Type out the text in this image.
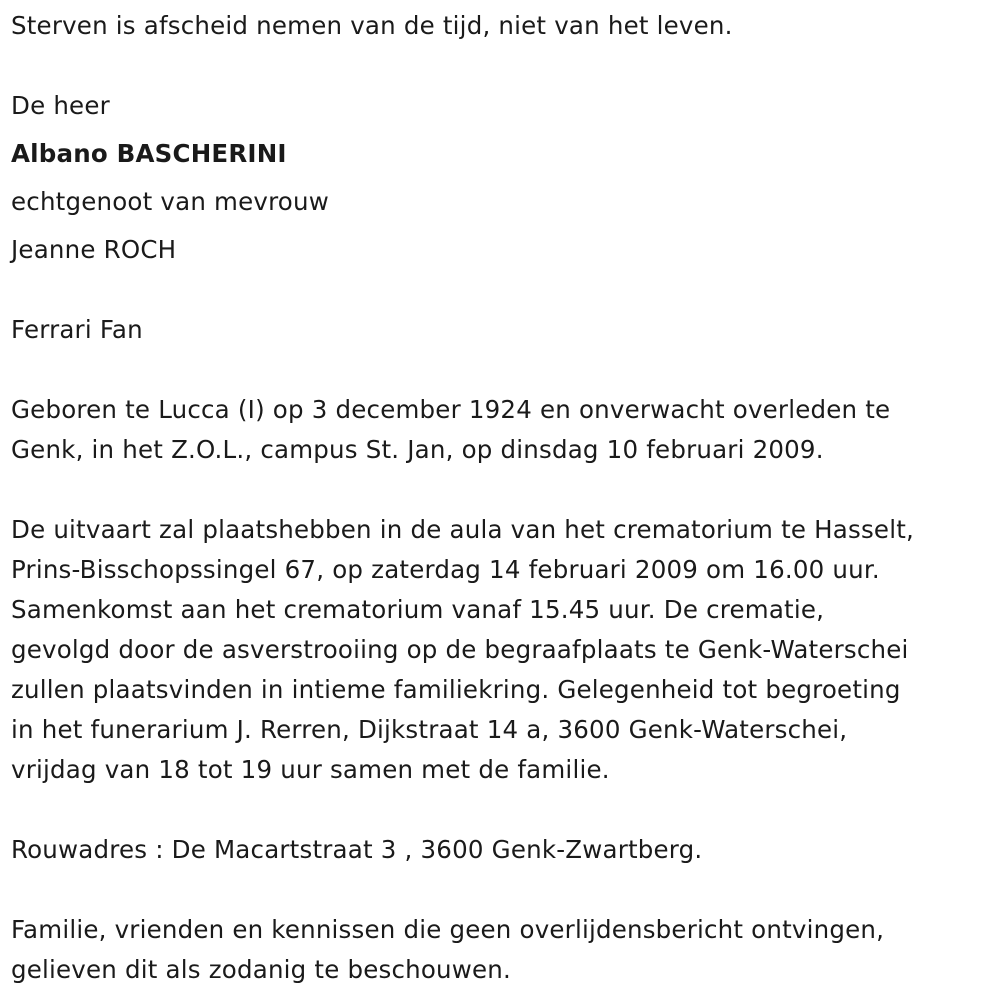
Sterven is afscheid nemen van de tijd, niet van het leven.
De heer
Albano BASCHERINI
echtgenoot van mevrouw
Jeanne ROCH
Ferrari Fan
Geboren te Lucca (I) op 3 december 1924 en onverwacht overleden te
Genk, in het Z.O.L., campus St. Jan, op dinsdag 10 februari 2009.
De uitvaart zal plaatshebben in de aula van het crematorium te Hasselt,
Prins-Bisschopssingel 67, op zaterdag 14 februari 2009 om 16.00 uur.
Samenkomst aan het crematorium vanaf 15.45 uur. De crematie,
gevolgd door de asverstrooiing op de begraafplaats te Genk-Waterschei
zullen plaatsvinden in intieme familiekring. Gelegenheid tot begroeting
in het funerarium J. Rerren, Dijkstraat 14 a, 3600 Genk-Waterschei,
vrijdag van 18 tot 19 uur samen met de familie.
Rouwadres : De Macartstraat 3 , 3600 Genk-Zwartberg.
Familie, vrienden en kennissen die geen overlijdensbericht ontvingen,
gelieven dit als zodanig te beschouwen.
